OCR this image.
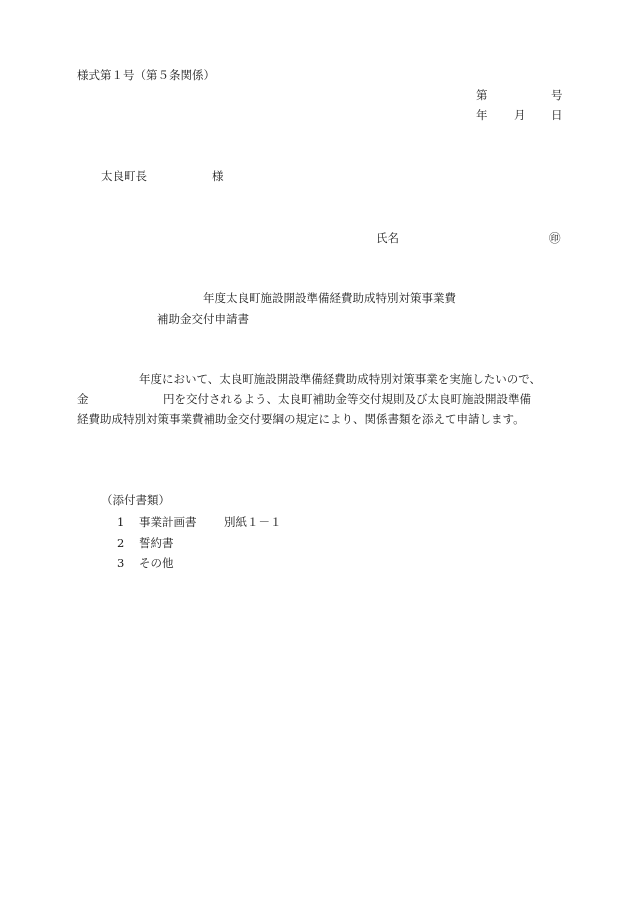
様式第１号（第５条関係）
第	号
年 月 日
太良町長	様
氏名	㊞
年度太良町施設開設準備経費助成特別対策事業費
補助金交付申請書
年度において、太良町施設開設準備経費助成特別対策事業を実施したいので、
金	円を交付されるよう、太良町補助金等交付規則及び太良町施設開設準備
経費助成特別対策事業費補助金交付要綱の規定により、関係書類を添えて申請します。
（添付書類）
1 事業計画書 別紙１－１
2 誓約書
3 その他
